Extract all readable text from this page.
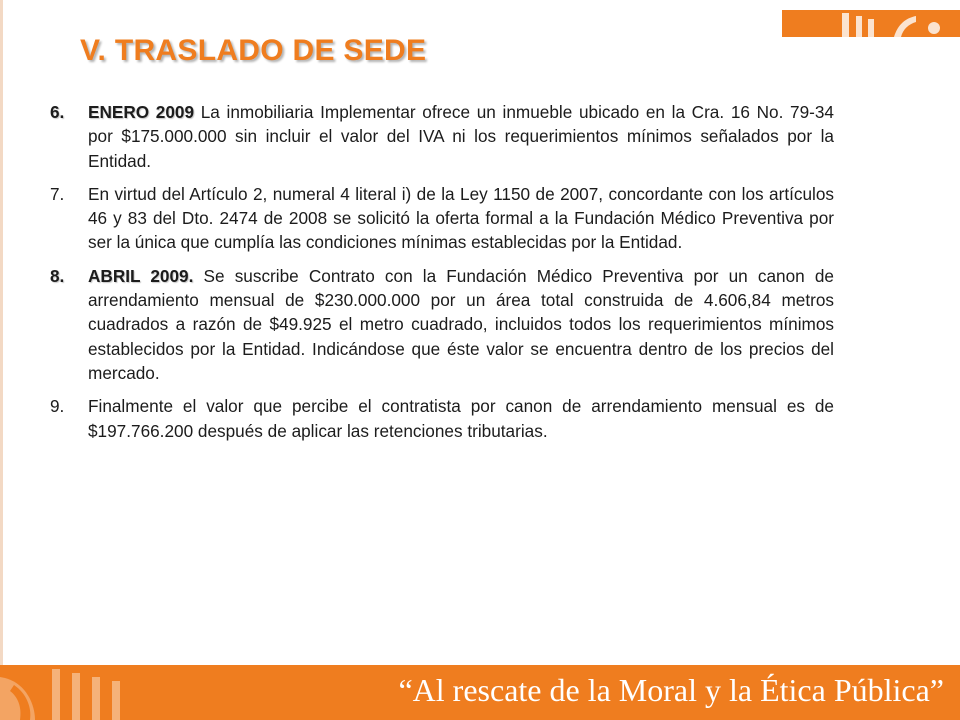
V. TRASLADO DE SEDE
6.	ENERO 2009 La inmobiliaria Implementar ofrece un inmueble ubicado en la Cra. 16 No. 79-34 por $175.000.000 sin incluir el valor del IVA ni los requerimientos mínimos señalados por la Entidad.
7.	En virtud del Artículo 2, numeral 4 literal i) de la Ley 1150 de 2007, concordante con los artículos 46 y 83 del Dto. 2474 de 2008 se solicitó la oferta formal a la Fundación Médico Preventiva por ser la única que cumplía las condiciones mínimas establecidas por la Entidad.
8.	ABRIL 2009. Se suscribe Contrato con la Fundación Médico Preventiva por un canon de arrendamiento mensual de $230.000.000 por un área total construida de 4.606,84 metros cuadrados a razón de $49.925 el metro cuadrado, incluidos todos los requerimientos mínimos establecidos por la Entidad. Indicándose que éste valor se encuentra dentro de los precios del mercado.
9.	Finalmente el valor que percibe el contratista por canon de arrendamiento mensual es de $197.766.200 después de aplicar las retenciones tributarias.
“Al rescate de la Moral y la Ética Pública”
